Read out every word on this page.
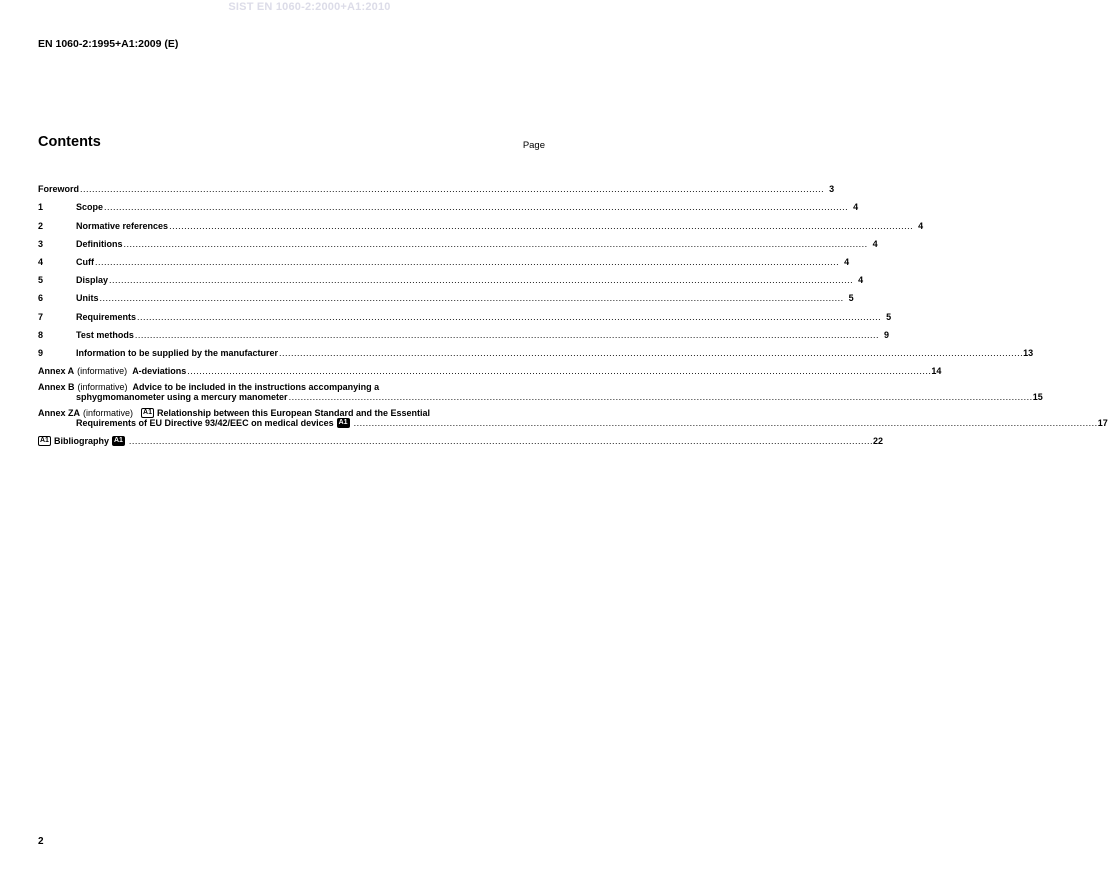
SIST EN 1060-2:2000+A1:2010
EN 1060-2:1995+A1:2009 (E)
Contents	Page
Foreword ........................................................................................................................................................................................................................................................ 3
1	Scope ........................................................................................................................................................................................................................................................ 4
2	Normative references ........................................................................................................................................................................................................................................................ 4
3	Definitions ........................................................................................................................................................................................................................................................ 4
4	Cuff ........................................................................................................................................................................................................................................................ 4
5	Display ........................................................................................................................................................................................................................................................ 4
6	Units ........................................................................................................................................................................................................................................................ 5
7	Requirements ........................................................................................................................................................................................................................................................ 5
8	Test methods ........................................................................................................................................................................................................................................................ 9
9	Information to be supplied by the manufacturer ........................................................................................................................................................................................................................................................ 13
Annex A (informative) A-deviations ........................................................................................................................................................................................................................................................ 14
Annex B (informative) Advice to be included in the instructions accompanying a
sphygmomanometer using a mercury manometer ........................................................................................................................................................................................................................................................ 15
Annex ZA (informative) A1 Relationship between this European Standard and the Essential
Requirements of EU Directive 93/42/EEC on medical devices A1 ........................................................................................................................................................................................................................................................ 17
A1 Bibliography A1 ........................................................................................................................................................................................................................................................ 22
2
